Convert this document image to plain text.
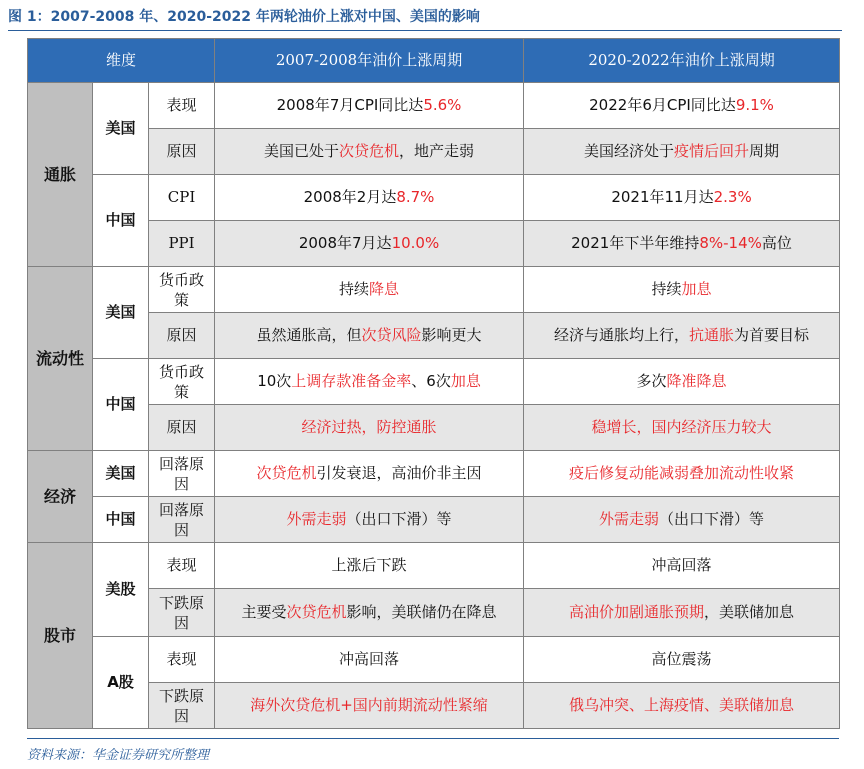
图 1：2007-2008 年、2020-2022 年两轮油价上涨对中国、美国的影响
维度			2007-2008年油价上涨周期	2020-2022年油价上涨周期
通胀	美国	表现	2008年7月CPI同比达5.6%	2022年6月CPI同比达9.1%
		原因	美国已处于次贷危机，地产走弱	美国经济处于疫情后回升周期
	中国	CPI	2008年2月达8.7%	2021年11月达2.3%
		PPI	2008年7月达10.0%	2021年下半年维持8%-14%高位
流动性	美国	货币政策	持续降息	持续加息
		原因	虽然通胀高，但次贷风险影响更大	经济与通胀均上行，抗通胀为首要目标
	中国	货币政策	10次上调存款准备金率、6次加息	多次降准降息
		原因	经济过热，防控通胀	稳增长，国内经济压力较大
经济	美国	回落原因	次贷危机引发衰退，高油价非主因	疫后修复动能减弱叠加流动性收紧
	中国	回落原因	外需走弱（出口下滑）等	外需走弱（出口下滑）等
股市	美股	表现	上涨后下跌	冲高回落
		下跌原因	主要受次贷危机影响，美联储仍在降息	高油价加剧通胀预期，美联储加息
	A股	表现	冲高回落	高位震荡
		下跌原因	海外次贷危机+国内前期流动性紧缩	俄乌冲突、上海疫情、美联储加息
资料来源：华金证券研究所整理
